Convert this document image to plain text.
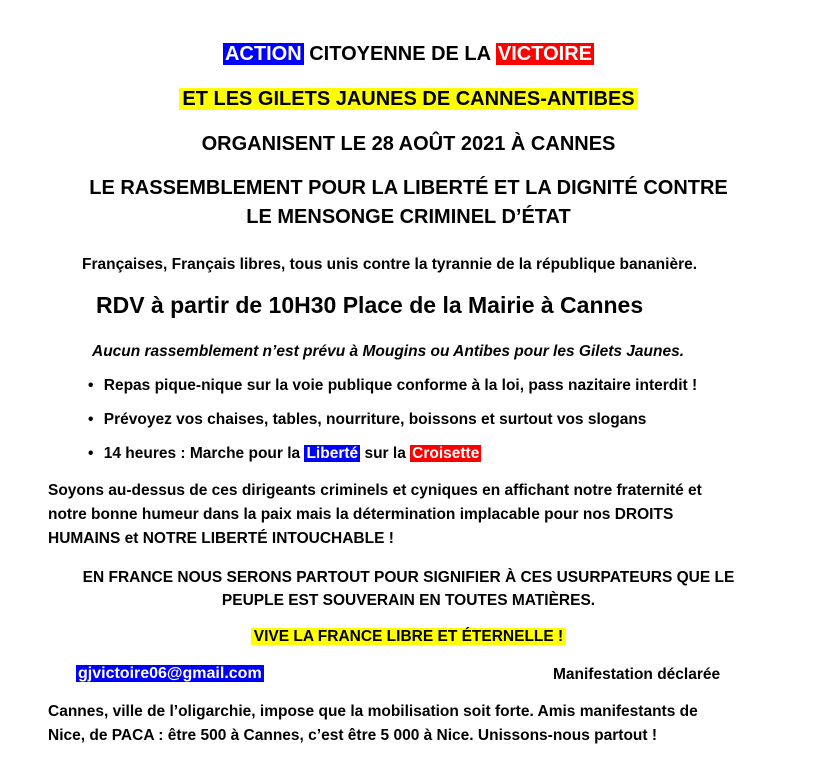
ACTION CITOYENNE DE LA VICTOIRE
ET LES GILETS JAUNES DE CANNES-ANTIBES
ORGANISENT LE 28 AOÛT 2021 À CANNES
LE RASSEMBLEMENT POUR LA LIBERTÉ ET LA DIGNITÉ CONTRE
LE MENSONGE CRIMINEL D’ÉTAT
Françaises, Français libres, tous unis contre la tyrannie de la république bananière.
RDV à partir de 10H30 Place de la Mairie à Cannes
Aucun rassemblement n’est prévu à Mougins ou Antibes pour les Gilets Jaunes.
• Repas pique-nique sur la voie publique conforme à la loi, pass nazitaire interdit !
• Prévoyez vos chaises, tables, nourriture, boissons et surtout vos slogans
• 14 heures : Marche pour la Liberté sur la Croisette
Soyons au-dessus de ces dirigeants criminels et cyniques en affichant notre fraternité et
notre bonne humeur dans la paix mais la détermination implacable pour nos DROITS
HUMAINS et NOTRE LIBERTÉ INTOUCHABLE !
EN FRANCE NOUS SERONS PARTOUT POUR SIGNIFIER À CES USURPATEURS QUE LE
PEUPLE EST SOUVERAIN EN TOUTES MATIÈRES.
VIVE LA FRANCE LIBRE ET ÉTERNELLE !
gjvictoire06@gmail.com	Manifestation déclarée
Cannes, ville de l’oligarchie, impose que la mobilisation soit forte. Amis manifestants de
Nice, de PACA : être 500 à Cannes, c’est être 5 000 à Nice. Unissons-nous partout !
